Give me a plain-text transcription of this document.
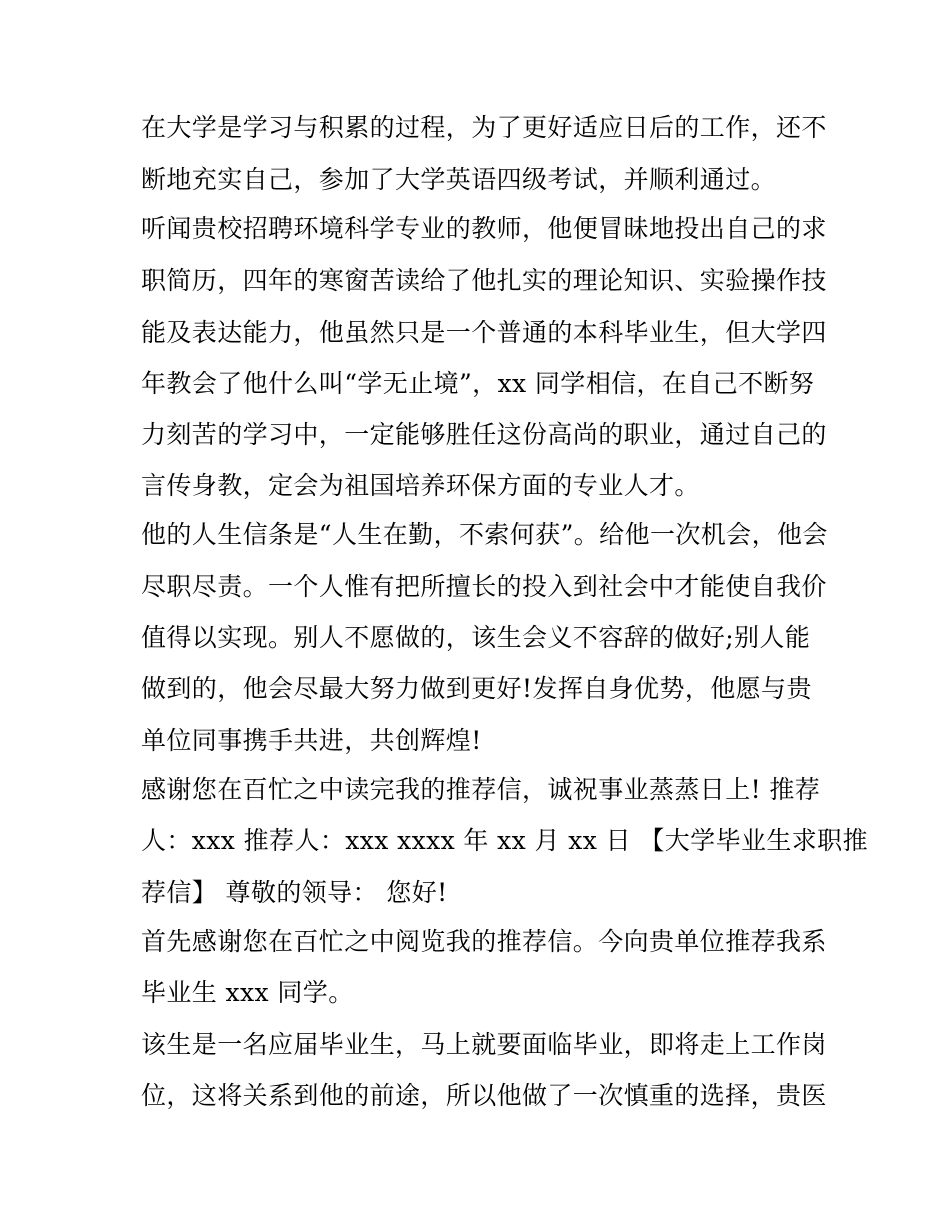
在大学是学习与积累的过程，为了更好适应日后的工作，还不
断地充实自己，参加了大学英语四级考试，并顺利通过。
听闻贵校招聘环境科学专业的教师，他便冒昧地投出自己的求
职简历，四年的寒窗苦读给了他扎实的理论知识、实验操作技
能及表达能力，他虽然只是一个普通的本科毕业生，但大学四
年教会了他什么叫“学无止境”，xx 同学相信，在自己不断努
力刻苦的学习中，一定能够胜任这份高尚的职业，通过自己的
言传身教，定会为祖国培养环保方面的专业人才。
他的人生信条是“人生在勤，不索何获”。给他一次机会，他会
尽职尽责。一个人惟有把所擅长的投入到社会中才能使自我价
值得以实现。别人不愿做的，该生会义不容辞的做好;别人能
做到的，他会尽最大努力做到更好!发挥自身优势，他愿与贵
单位同事携手共进，共创辉煌!
感谢您在百忙之中读完我的推荐信，诚祝事业蒸蒸日上! 推荐
人：xxx 推荐人：xxx xxxx 年 xx 月 xx 日 【大学毕业生求职推
荐信】 尊敬的领导： 您好!
首先感谢您在百忙之中阅览我的推荐信。今向贵单位推荐我系
毕业生 xxx 同学。
该生是一名应届毕业生，马上就要面临毕业，即将走上工作岗
位，这将关系到他的前途，所以他做了一次慎重的选择，贵医
